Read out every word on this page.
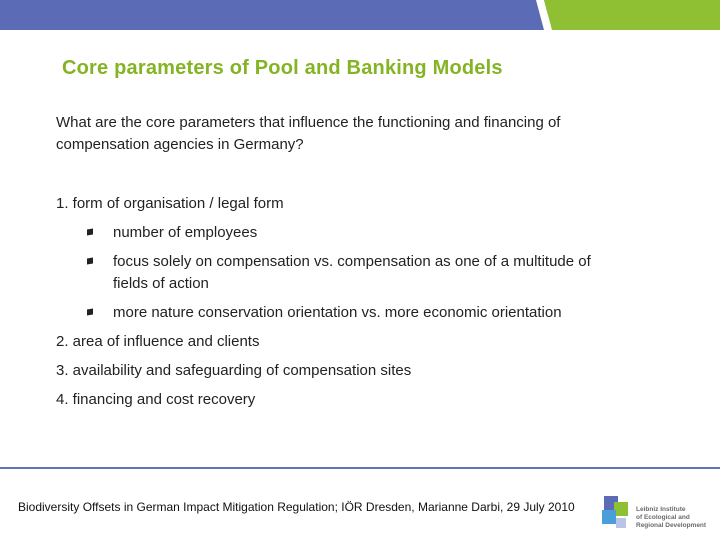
Core parameters of Pool and Banking Models
What are the core parameters that influence the functioning and financing of compensation agencies in Germany?
1. form of organisation / legal form
number of employees
focus solely on compensation vs. compensation as one of a multitude of
fields of action
more nature conservation orientation vs. more economic orientation
2. area of influence and clients
3. availability and safeguarding of compensation sites
4. financing and cost recovery
Biodiversity Offsets in German Impact Mitigation Regulation; IÖR Dresden, Marianne Darbi, 29 July 2010	Leibniz Institute
of Ecological and
Regional Development
